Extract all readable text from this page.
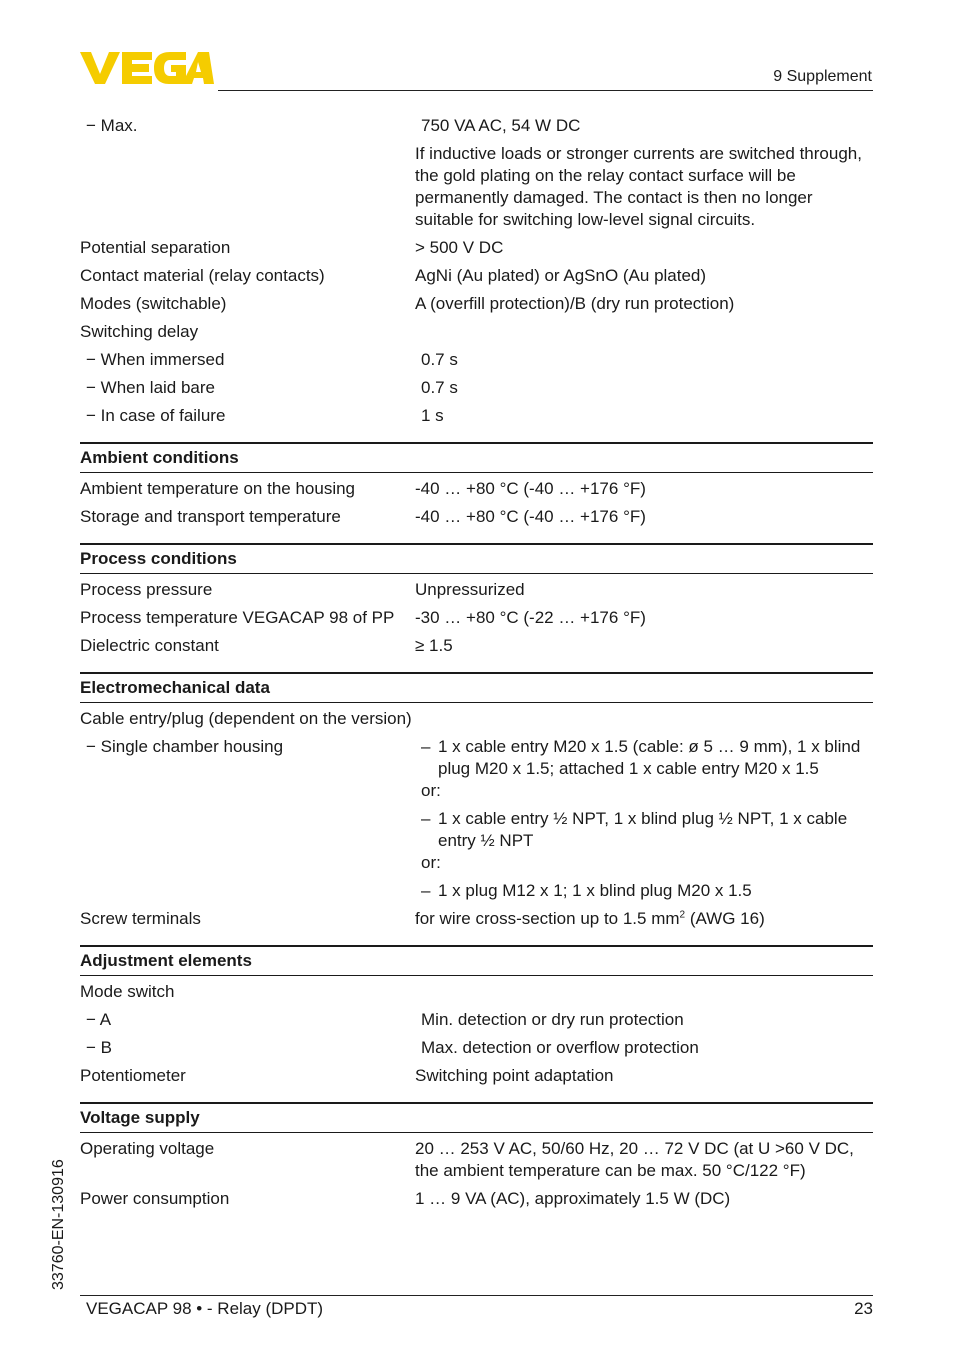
9 Supplement
− Max.	750 VA AC, 54 W DC
If inductive loads or stronger currents are switched through, the gold plating on the relay contact surface will be permanently damaged. The contact is then no longer suitable for switching low-level signal circuits.
Potential separation	> 500 V DC
Contact material (relay contacts)	AgNi (Au plated) or AgSnO (Au plated)
Modes (switchable)	A (overfill protection)/B (dry run protection)
Switching delay
− When immersed	0.7 s
− When laid bare	0.7 s
− In case of failure	1 s
Ambient conditions
Ambient temperature on the housing	-40 … +80 °C (-40 … +176 °F)
Storage and transport temperature	-40 … +80 °C (-40 … +176 °F)
Process conditions
Process pressure	Unpressurized
Process temperature VEGACAP 98 of PP	-30 … +80 °C (-22 … +176 °F)
Dielectric constant	≥ 1.5
Electromechanical data
Cable entry/plug (dependent on the version)
− Single chamber housing	– 1 x cable entry M20 x 1.5 (cable: ø 5 … 9 mm), 1 x blind plug M20 x 1.5; attached 1 x cable entry M20 x 1.5
or:
– 1 x cable entry ½ NPT, 1 x blind plug ½ NPT, 1 x cable entry ½ NPT
or:
– 1 x plug M12 x 1; 1 x blind plug M20 x 1.5
Screw terminals	for wire cross-section up to 1.5 $mm^2$ (AWG 16)
Adjustment elements
Mode switch
− A	Min. detection or dry run protection
− B	Max. detection or overflow protection
Potentiometer	Switching point adaptation
Voltage supply
Operating voltage	20 … 253 V AC, 50/60 Hz, 20 … 72 V DC (at U >60 V DC, the ambient temperature can be max. 50 °C/122 °F)
Power consumption	1 … 9 VA (AC), approximately 1.5 W (DC)
33760-EN-130916
VEGACAP 98 • - Relay (DPDT)	23
